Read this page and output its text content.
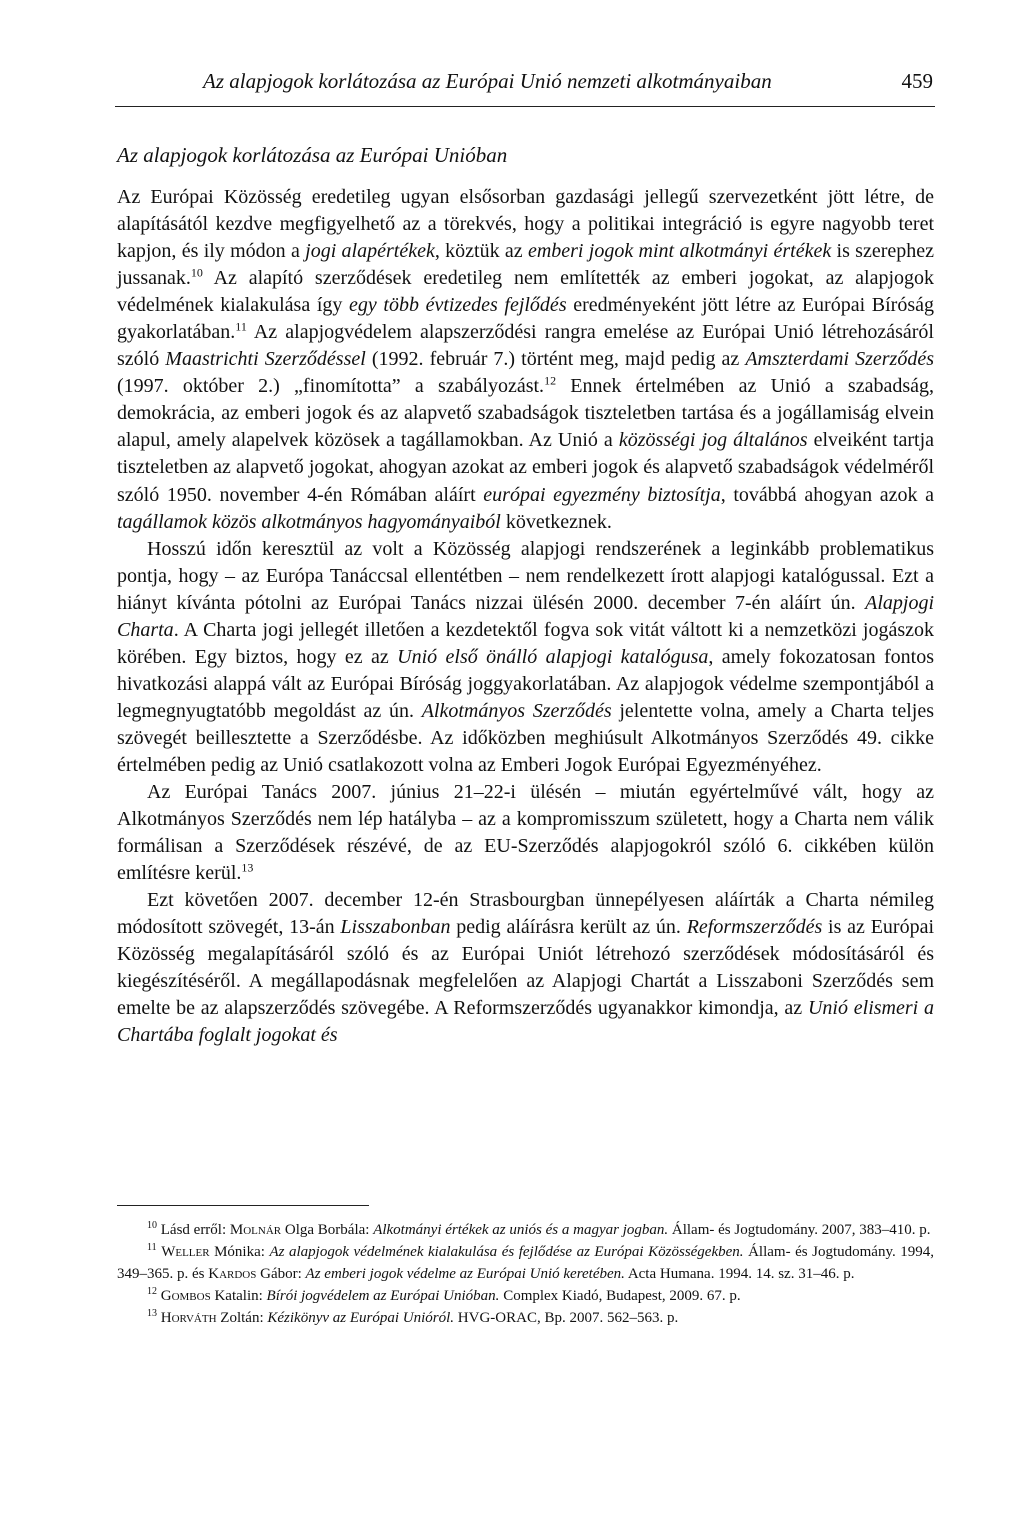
Az alapjogok korlátozása az Európai Unió nemzeti alkotmányaiban	459
Az alapjogok korlátozása az Európai Unióban

Az Európai Közösség eredetileg ugyan elsősorban gazdasági jellegű szervezetként jött létre, de alapításától kezdve megfigyelhető az a törekvés, hogy a politikai integráció is egyre nagyobb teret kapjon, és ily módon a jogi alapértékek, köztük az emberi jogok mint alkotmányi értékek is szerephez jussanak.$^{10}$ Az alapító szerződések eredetileg nem említették az emberi jogokat, az alapjogok védelmének kialakulása így egy több évtizedes fejlődés eredményeként jött létre az Európai Bíróság gyakorlatában.$^{11}$ Az alapjogvédelem alapszerződési rangra emelése az Európai Unió létrehozásáról szóló Maastrichti Szerződéssel (1992. február 7.) történt meg, majd pedig az Amszterdami Szerződés (1997. október 2.) „finomította” a szabályozást.$^{12}$ Ennek értelmében az Unió a szabadság, demokrácia, az emberi jogok és az alapvető szabadságok tiszteletben tartása és a jogállamiság elvein alapul, amely alapelvek közösek a tagállamokban. Az Unió a közösségi jog általános elveiként tartja tiszteletben az alapvető jogokat, ahogyan azokat az emberi jogok és alapvető szabadságok védelméről szóló 1950. november 4-én Rómában aláírt európai egyezmény biztosítja, továbbá ahogyan azok a tagállamok közös alkotmányos hagyományaiból következnek.

Hosszú időn keresztül az volt a Közösség alapjogi rendszerének a leginkább problematikus pontja, hogy – az Európa Tanáccsal ellentétben – nem rendelkezett írott alapjogi katalógussal. Ezt a hiányt kívánta pótolni az Európai Tanács nizzai ülésén 2000. december 7-én aláírt ún. Alapjogi Charta. A Charta jogi jellegét illetően a kezdetektől fogva sok vitát váltott ki a nemzetközi jogászok körében. Egy biztos, hogy ez az Unió első önálló alapjogi katalógusa, amely fokozatosan fontos hivatkozási alappá vált az Európai Bíróság joggyakorlatában. Az alapjogok védelme szempontjából a legmegnyugtatóbb megoldást az ún. Alkotmányos Szerződés jelentette volna, amely a Charta teljes szövegét beillesztette a Szerződésbe. Az időközben meghiúsult Alkotmányos Szerződés 49. cikke értelmében pedig az Unió csatlakozott volna az Emberi Jogok Európai Egyezményéhez.

Az Európai Tanács 2007. június 21–22-i ülésén – miután egyértelművé vált, hogy az Alkotmányos Szerződés nem lép hatályba – az a kompromisszum született, hogy a Charta nem válik formálisan a Szerződések részévé, de az EU-Szerződés alapjogokról szóló 6. cikkében külön említésre kerül.$^{13}$

Ezt követően 2007. december 12-én Strasbourgban ünnepélyesen aláírták a Charta némileg módosított szövegét, 13-án Lisszabonban pedig aláírásra került az ún. Reformszerződés is az Európai Közösség megalapításáról szóló és az Európai Uniót létrehozó szerződések módosításáról és kiegészítéséről. A megállapodásnak megfelelően az Alapjogi Chartát a Lisszaboni Szerződés sem emelte be az alapszerződés szövegébe. A Reformszerződés ugyanakkor kimondja, az Unió elismeri a Chartába foglalt jogokat és

$^{10}$ Lásd erről: Molnár Olga Borbála: Alkotmányi értékek az uniós és a magyar jogban. Állam- és Jogtudomány. 2007, 383–410. p.

$^{11}$ Weller Mónika: Az alapjogok védelmének kialakulása és fejlődése az Európai Közösségekben. Állam- és Jogtudomány. 1994, 349–365. p. és Kardos Gábor: Az emberi jogok védelme az Európai Unió keretében. Acta Humana. 1994. 14. sz. 31–46. p.

$^{12}$ Gombos Katalin: Bírói jogvédelem az Európai Unióban. Complex Kiadó, Budapest, 2009. 67. p.

$^{13}$ Horváth Zoltán: Kézikönyv az Európai Unióról. HVG-ORAC, Bp. 2007. 562–563. p.
